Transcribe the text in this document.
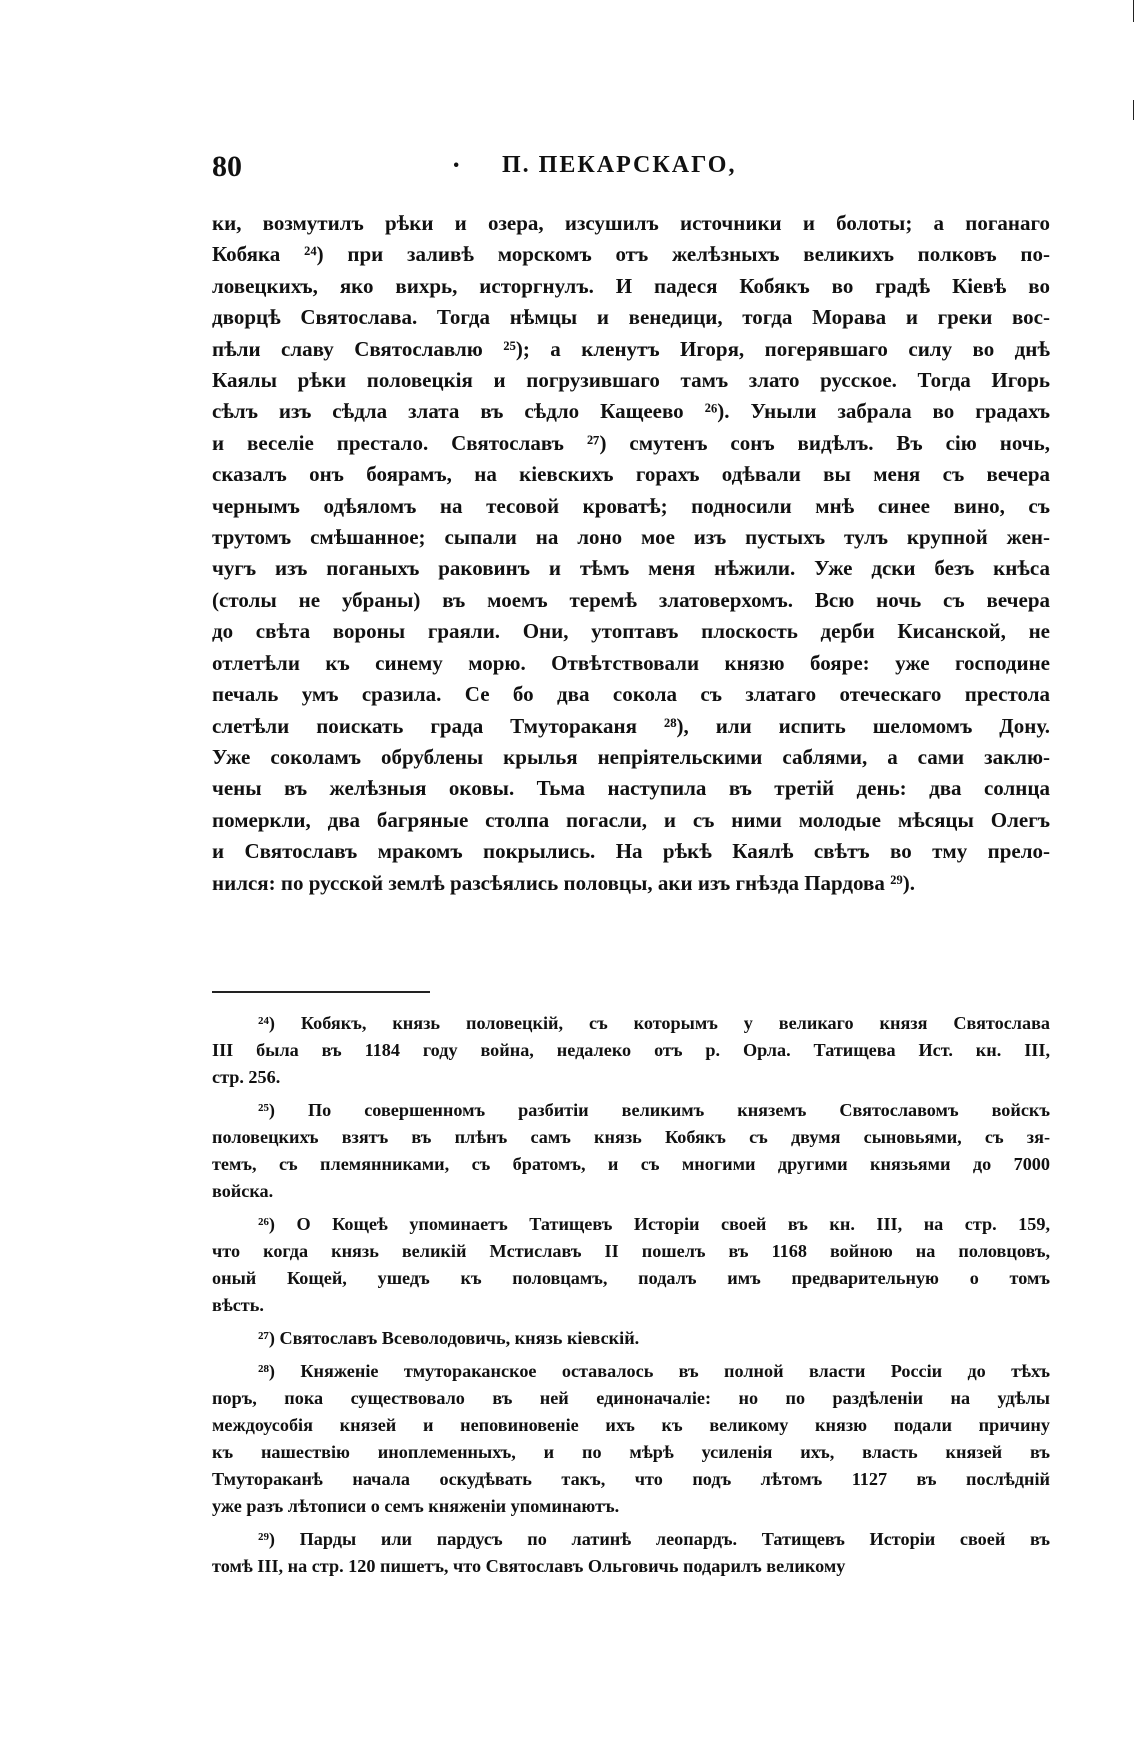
80	· П. ПЕКАРСКАГО,
ки, возмутилъ рѣки и озера, изсушилъ источники и болоты; а поганаго
Кобяка ²⁴) при заливѣ морскомъ отъ желѣзныхъ великихъ полковъ по-
ловецкихъ, яко вихрь, исторгнулъ. И падеся Кобякъ во градѣ Кіевѣ во
дворцѣ Святослава. Тогда нѣмцы и венедици, тогда Морава и греки вос-
пѣли славу Святославлю ²⁵); а кленутъ Игоря, погерявшаго силу во днѣ
Каялы рѣки половецкія и погрузившаго тамъ злато русское. Тогда Игорь
сѣлъ изъ сѣдла злата въ сѣдло Кащеево ²⁶). Уныли забрала во градахъ
и веселіе престало. Святославъ ²⁷) смутенъ сонъ видѣлъ. Въ сію ночь,
сказалъ онъ боярамъ, на кіевскихъ горахъ одѣвали вы меня съ вечера
чернымъ одѣяломъ на тесовой кроватѣ; подносили мнѣ синее вино, съ
трутомъ смѣшанное; сыпали на лоно мое изъ пустыхъ тулъ крупной жен-
чугъ изъ поганыхъ раковинъ и тѣмъ меня нѣжили. Уже дски безъ кнѣса
(столы не убраны) въ моемъ теремѣ златоверхомъ. Всю ночь съ вечера
до свѣта вороны граяли. Они, утоптавъ плоскость дерби Кисанской, не
отлетѣли къ синему морю. Отвѣтствовали князю бояре: уже господине
печаль умъ сразила. Се бо два сокола съ златаго отеческаго престола
слетѣли поискать града Тмутораканя ²⁸), или испить шеломомъ Дону.
Уже соколамъ обрублены крылья непріятельскими саблями, а сами заклю-
чены въ желѣзныя оковы. Тьма наступила въ третій день: два солнца
померкли, два багряные столпа погасли, и съ ними молодые мѣсяцы Олегъ
и Святославъ мракомъ покрылись. На рѣкѣ Каялѣ свѣтъ во тму прело-
нился: по русской землѣ разсѣялись половцы, аки изъ гнѣзда Пардова ²⁹).
²⁴) Кобякъ, князь половецкій, съ которымъ у великаго князя Святослава
III была въ 1184 году война, недалеко отъ р. Орла. Татищева Ист. кн. III,
стр. 256.
²⁵) По совершенномъ разбитіи великимъ княземъ Святославомъ войскъ
половецкихъ взятъ въ плѣнъ самъ князь Кобякъ съ двумя сыновьями, съ зя-
темъ, съ племянниками, съ братомъ, и съ многими другими князьями до 7000
войска.
²⁶) О Кощеѣ упоминаетъ Татищевъ Исторіи своей въ кн. III, на стр. 159,
что когда князь великій Мстиславъ II пошелъ въ 1168 войною на половцовъ,
оный Кощей, ушедъ къ половцамъ, подалъ имъ предварительную о томъ
вѣсть.
²⁷) Святославъ Всеволодовичь, князь кіевскій.
²⁸) Княженіе тмутораканское оставалось въ полной власти Россіи до тѣхъ
поръ, пока существовало въ ней единоначаліе: но по раздѣленіи на удѣлы
междоусобія князей и неповиновеніе ихъ къ великому князю подали причину
къ нашествію иноплеменныхъ, и по мѣрѣ усиленія ихъ, власть князей въ
Тмутораканѣ начала оскудѣвать такъ, что подъ лѣтомъ 1127 въ послѣдній
уже разъ лѣтописи о семъ княженіи упоминаютъ.
²⁹) Парды или пардусъ по латинѣ леопардъ. Татищевъ Исторіи своей въ
томѣ III, на стр. 120 пишетъ, что Святославъ Ольговичь подарилъ великому
